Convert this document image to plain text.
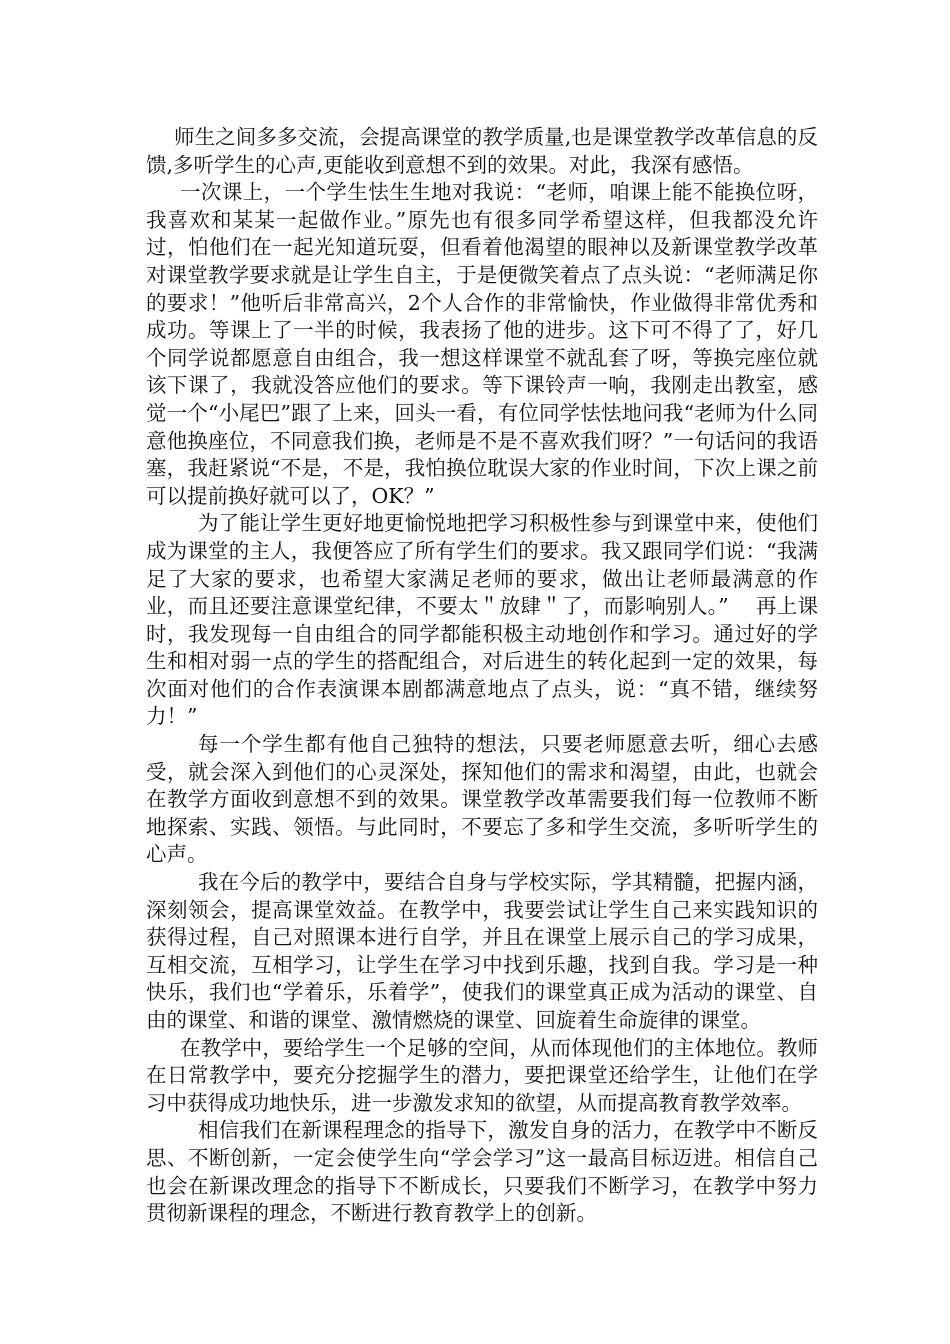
师生之间多多交流，会提高课堂的教学质量,也是课堂教学改革信息的反馈,多听学生的心声,更能收到意想不到的效果。对此，我深有感悟。

一次课上，一个学生怯生生地对我说：“老师，咱课上能不能换位呀，我喜欢和某某一起做作业。”原先也有很多同学希望这样，但我都没允许过，怕他们在一起光知道玩耍，但看着他渴望的眼神以及新课堂教学改革对课堂教学要求就是让学生自主，于是便微笑着点了点头说：“老师满足你的要求！”他听后非常高兴，2个人合作的非常愉快，作业做得非常优秀和成功。等课上了一半的时候，我表扬了他的进步。这下可不得了了，好几个同学说都愿意自由组合，我一想这样课堂不就乱套了呀，等换完座位就该下课了，我就没答应他们的要求。等下课铃声一响，我刚走出教室，感觉一个“小尾巴”跟了上来，回头一看，有位同学怯怯地问我“老师为什么同意他换座位，不同意我们换，老师是不是不喜欢我们呀？”一句话问的我语塞，我赶紧说“不是，不是，我怕换位耽误大家的作业时间，下次上课之前可以提前换好就可以了，OK？”

为了能让学生更好地更愉悦地把学习积极性参与到课堂中来，使他们成为课堂的主人，我便答应了所有学生们的要求。我又跟同学们说：“我满足了大家的要求，也希望大家满足老师的要求，做出让老师最满意的作业，而且还要注意课堂纪律，不要太＂放肆＂了，而影响别人。”    再上课时，我发现每一自由组合的同学都能积极主动地创作和学习。通过好的学生和相对弱一点的学生的搭配组合，对后进生的转化起到一定的效果，每次面对他们的合作表演课本剧都满意地点了点头，说：“真不错，继续努力！”

每一个学生都有他自己独特的想法，只要老师愿意去听，细心去感受，就会深入到他们的心灵深处，探知他们的需求和渴望，由此，也就会在教学方面收到意想不到的效果。课堂教学改革需要我们每一位教师不断地探索、实践、领悟。与此同时，不要忘了多和学生交流，多听听学生的心声。

我在今后的教学中，要结合自身与学校实际，学其精髓，把握内涵，深刻领会，提高课堂效益。在教学中，我要尝试让学生自己来实践知识的获得过程，自己对照课本进行自学，并且在课堂上展示自己的学习成果，互相交流，互相学习，让学生在学习中找到乐趣，找到自我。学习是一种快乐，我们也“学着乐，乐着学”，使我们的课堂真正成为活动的课堂、自由的课堂、和谐的课堂、激情燃烧的课堂、回旋着生命旋律的课堂。

在教学中，要给学生一个足够的空间，从而体现他们的主体地位。教师在日常教学中，要充分挖掘学生的潜力，要把课堂还给学生，让他们在学习中获得成功地快乐，进一步激发求知的欲望，从而提高教育教学效率。

相信我们在新课程理念的指导下，激发自身的活力，在教学中不断反思、不断创新，一定会使学生向“学会学习”这一最高目标迈进。相信自己也会在新课改理念的指导下不断成长，只要我们不断学习，在教学中努力贯彻新课程的理念，不断进行教育教学上的创新。
